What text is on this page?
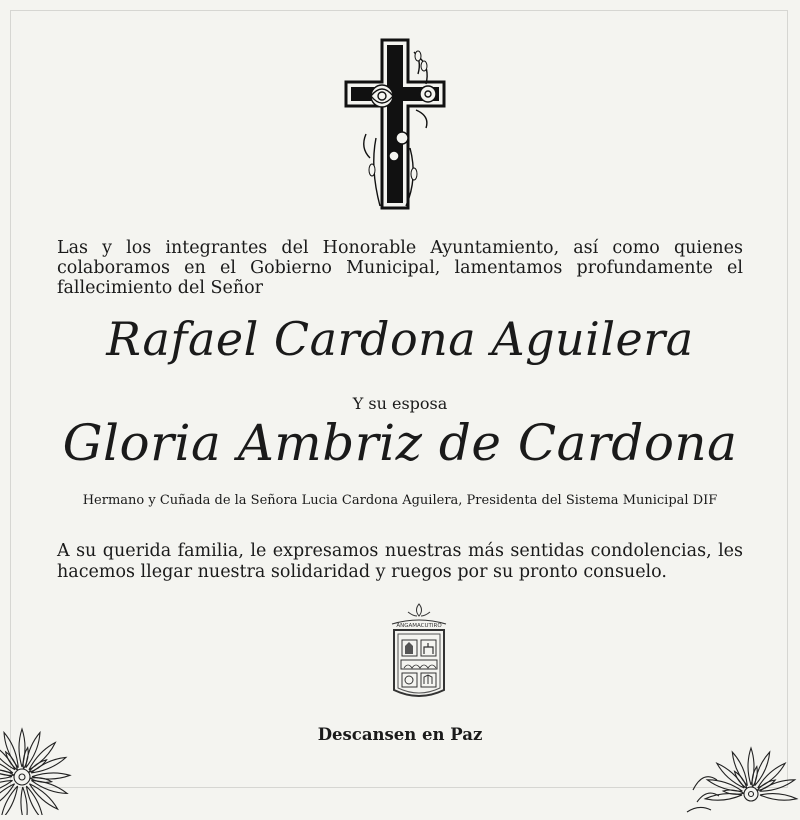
Las y los integrantes del Honorable Ayuntamiento, así como quienes colaboramos en el Gobierno Municipal, lamentamos profundamente el fallecimiento del Señor
Rafael Cardona Aguilera
Y su esposa
Gloria Ambriz de Cardona
Hermano y Cuñada de la Señora Lucia Cardona Aguilera, Presidenta del Sistema Municipal DIF
A su querida familia, le expresamos nuestras más sentidas condolencias, les hacemos llegar nuestra solidaridad y ruegos por su pronto consuelo.
ANGAMACUTIRO
Descansen en Paz
